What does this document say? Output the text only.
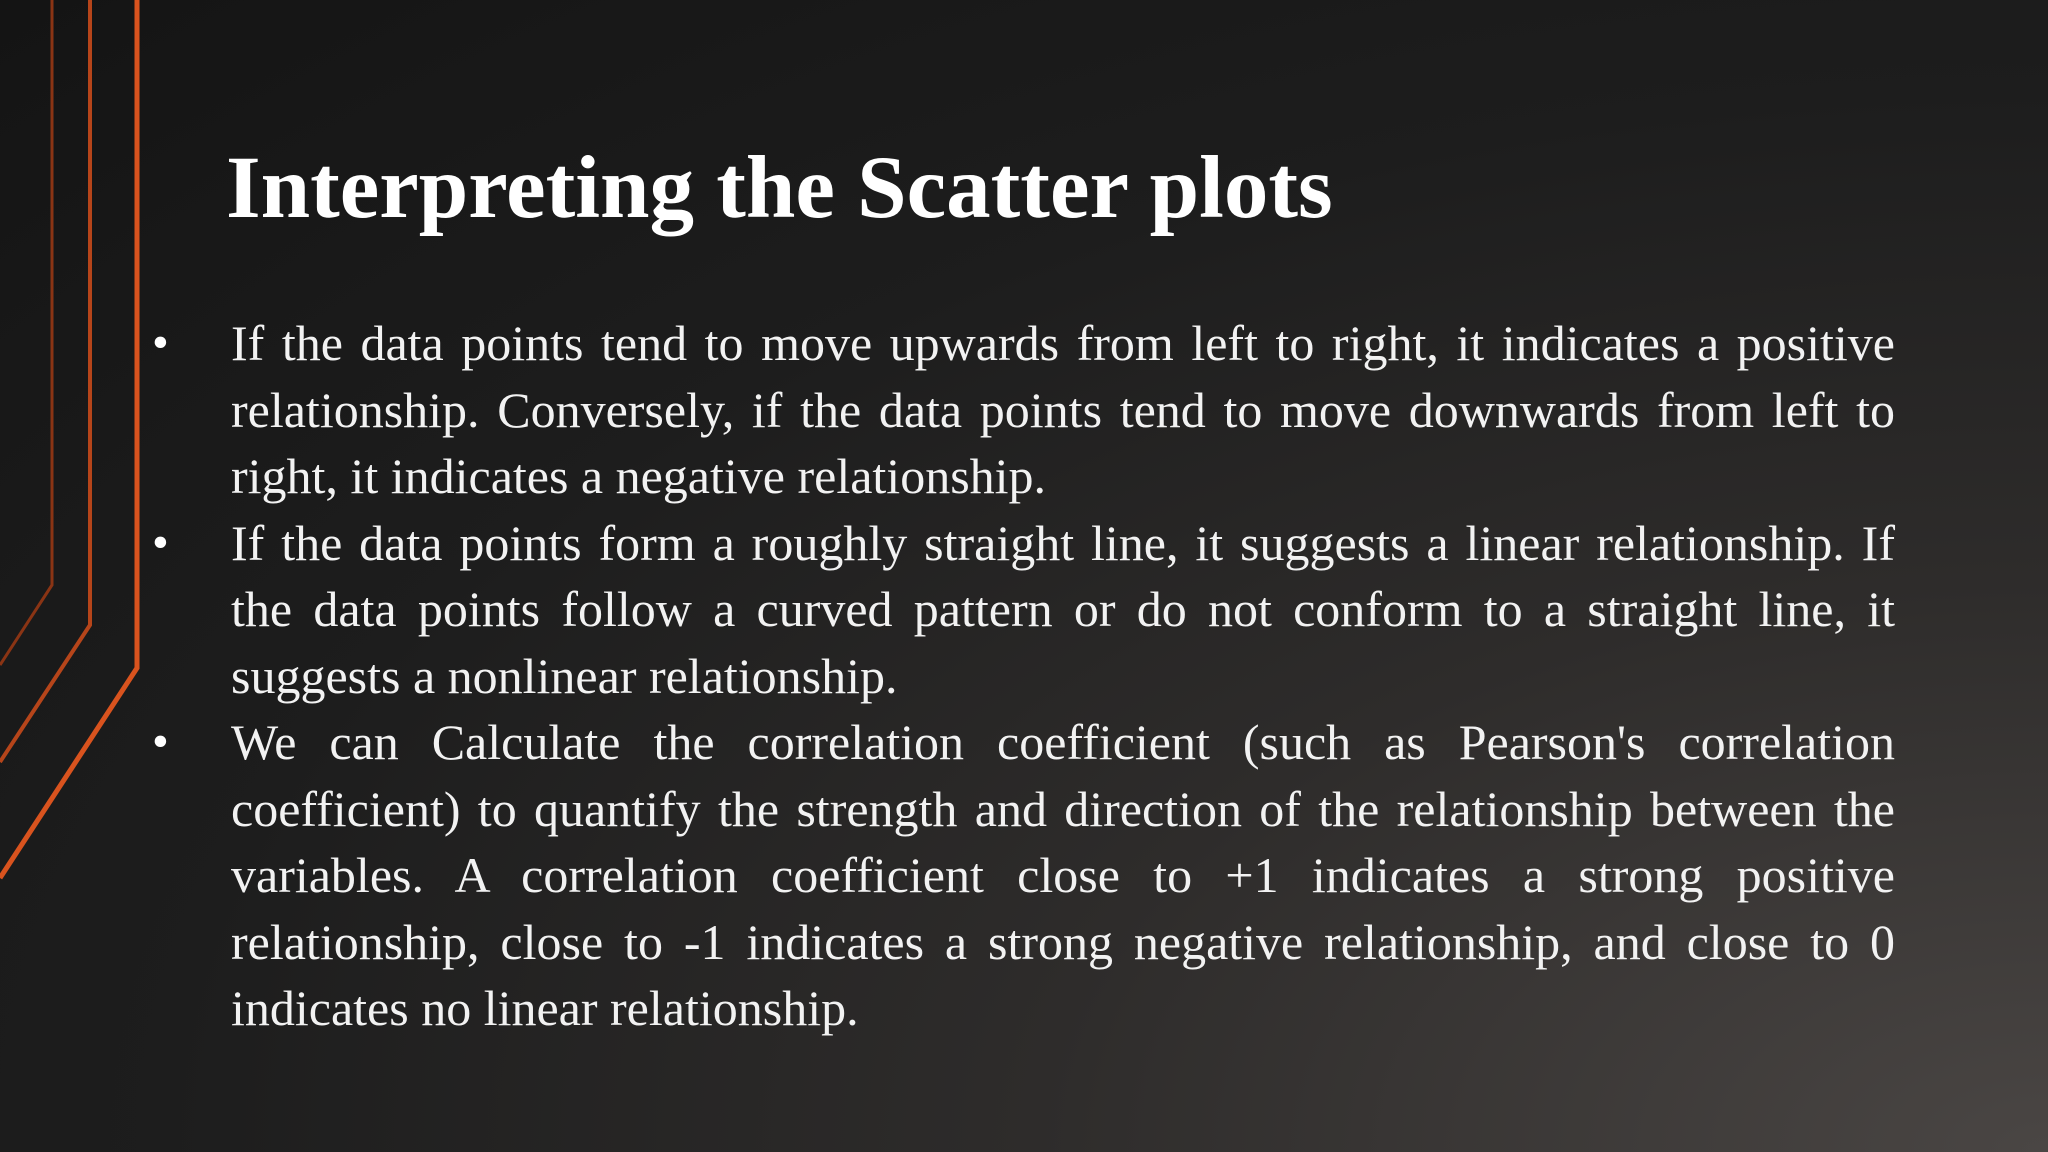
Interpreting the Scatter plots
•	If the data points tend to move upwards from left to right, it indicates a positive relationship. Conversely, if the data points tend to move downwards from left to right, it indicates a negative relationship.
•	If the data points form a roughly straight line, it suggests a linear relationship. If the data points follow a curved pattern or do not conform to a straight line, it suggests a nonlinear relationship.
•	We can Calculate the correlation coefficient (such as Pearson's correlation coefficient) to quantify the strength and direction of the relationship between the variables. A correlation coefficient close to +1 indicates a strong positive relationship, close to -1 indicates a strong negative relationship, and close to 0 indicates no linear relationship.
